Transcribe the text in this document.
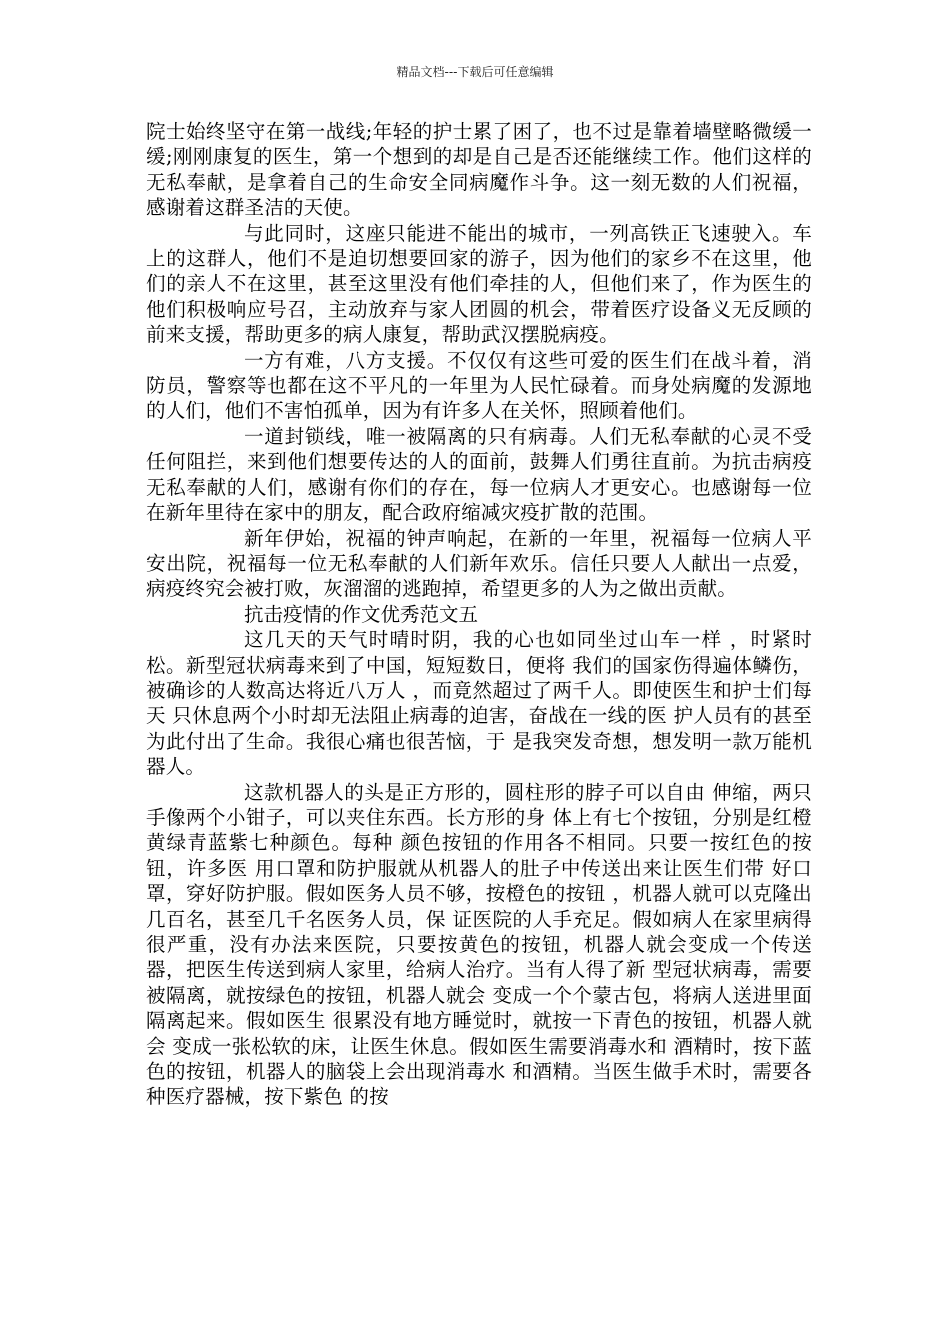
精品文档---下载后可任意编辑

院士始终坚守在第一战线;年轻的护士累了困了，也不过是靠着墙壁略微缓一缓;刚刚康复的医生，第一个想到的却是自己是否还能继续工作。他们这样的无私奉献，是拿着自己的生命安全同病魔作斗争。这一刻无数的人们祝福，感谢着这群圣洁的天使。

与此同时，这座只能进不能出的城市，一列高铁正飞速驶入。车上的这群人，他们不是迫切想要回家的游子，因为他们的家乡不在这里，他们的亲人不在这里，甚至这里没有他们牵挂的人，但他们来了，作为医生的他们积极响应号召，主动放弃与家人团圆的机会，带着医疗设备义无反顾的前来支援，帮助更多的病人康复，帮助武汉摆脱病疫。

一方有难，八方支援。不仅仅有这些可爱的医生们在战斗着，消防员，警察等也都在这不平凡的一年里为人民忙碌着。而身处病魔的发源地的人们，他们不害怕孤单，因为有许多人在关怀，照顾着他们。

一道封锁线，唯一被隔离的只有病毒。人们无私奉献的心灵不受任何阻拦，来到他们想要传达的人的面前，鼓舞人们勇往直前。为抗击病疫无私奉献的人们，感谢有你们的存在，每一位病人才更安心。也感谢每一位在新年里待在家中的朋友，配合政府缩减灾疫扩散的范围。

新年伊始，祝福的钟声响起，在新的一年里，祝福每一位病人平安出院，祝福每一位无私奉献的人们新年欢乐。信任只要人人献出一点爱，病疫终究会被打败，灰溜溜的逃跑掉，希望更多的人为之做出贡献。

抗击疫情的作文优秀范文五

这几天的天气时晴时阴，我的心也如同坐过山车一样 ，时紧时松。新型冠状病毒来到了中国，短短数日，便将 我们的国家伤得遍体鳞伤，被确诊的人数高达将近八万人 ，而竟然超过了两千人。即使医生和护士们每天 只休息两个小时却无法阻止病毒的迫害，奋战在一线的医 护人员有的甚至为此付出了生命。我很心痛也很苦恼，于 是我突发奇想，想发明一款万能机器人。

这款机器人的头是正方形的，圆柱形的脖子可以自由 伸缩，两只手像两个小钳子，可以夹住东西。长方形的身 体上有七个按钮，分别是红橙黄绿青蓝紫七种颜色。每种 颜色按钮的作用各不相同。只要一按红色的按钮，许多医 用口罩和防护服就从机器人的肚子中传送出来让医生们带 好口罩，穿好防护服。假如医务人员不够，按橙色的按钮 ，机器人就可以克隆出几百名，甚至几千名医务人员，保 证医院的人手充足。假如病人在家里病得很严重，没有办法来医院，只要按黄色的按钮，机器人就会变成一个传送 器，把医生传送到病人家里，给病人治疗。当有人得了新 型冠状病毒，需要被隔离，就按绿色的按钮，机器人就会 变成一个个蒙古包，将病人送进里面隔离起来。假如医生 很累没有地方睡觉时，就按一下青色的按钮，机器人就会 变成一张松软的床，让医生休息。假如医生需要消毒水和 酒精时，按下蓝色的按钮，机器人的脑袋上会出现消毒水 和酒精。当医生做手术时，需要各种医疗器械，按下紫色 的按
